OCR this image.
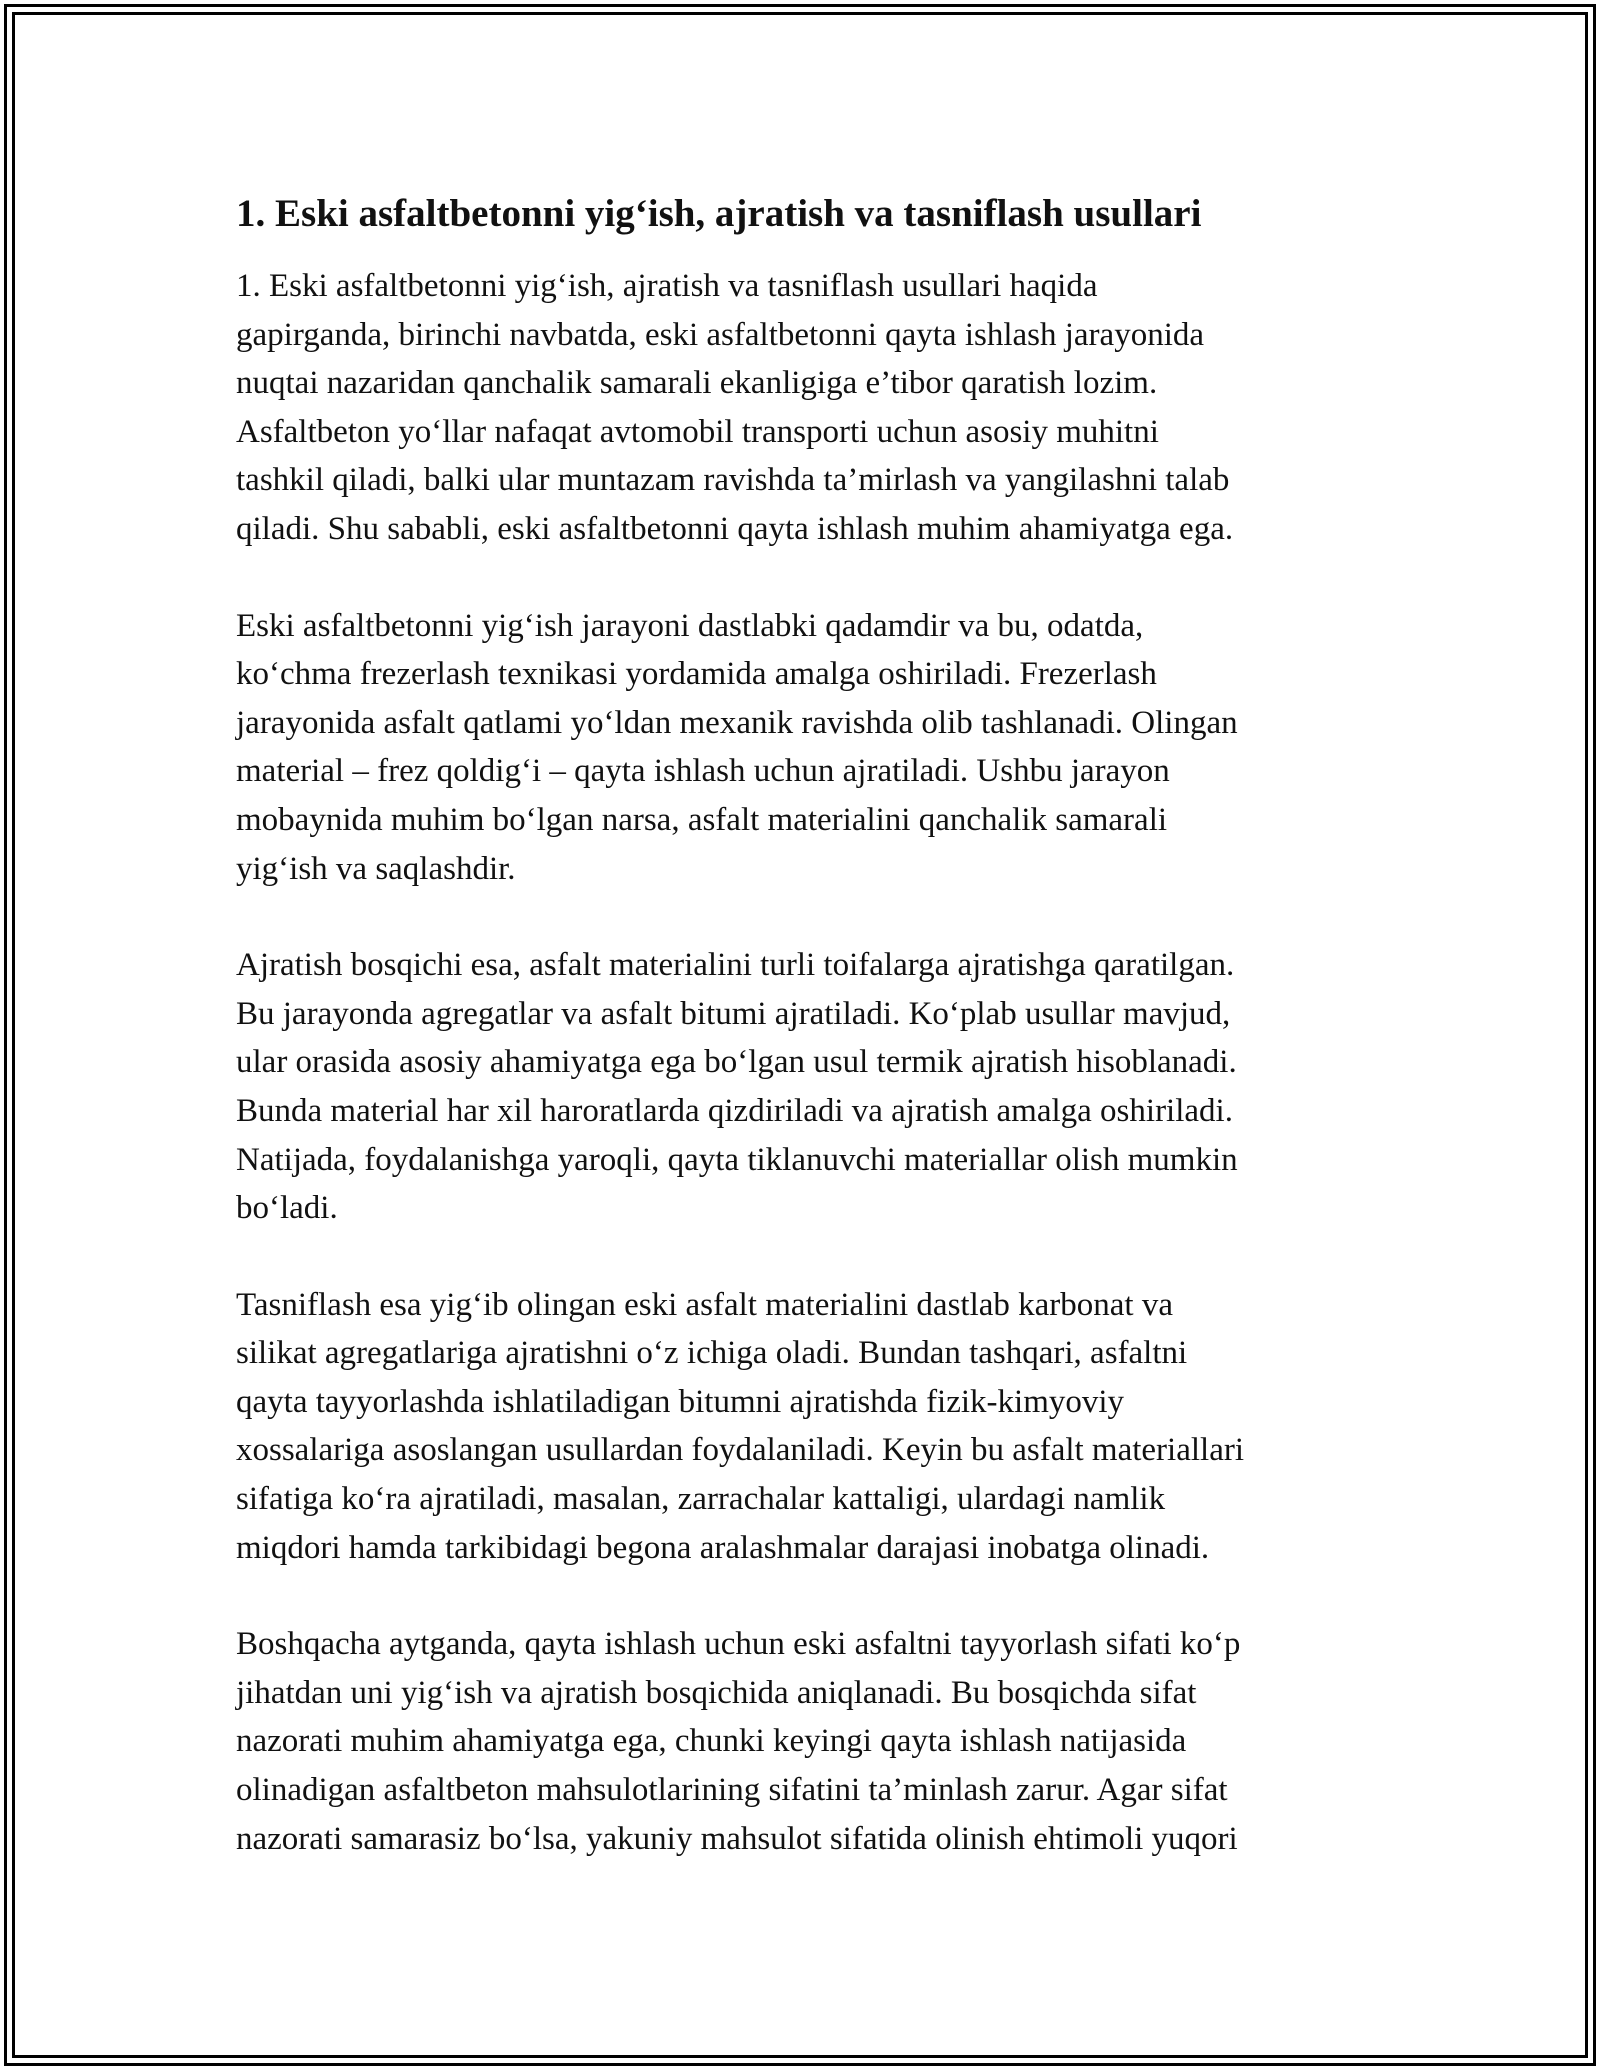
1. Eski asfaltbetonni yig‘ish, ajratish va tasniflash usullari

1. Eski asfaltbetonni yig‘ish, ajratish va tasniflash usullari haqida
gapirganda, birinchi navbatda, eski asfaltbetonni qayta ishlash jarayonida
nuqtai nazaridan qanchalik samarali ekanligiga e’tibor qaratish lozim.
Asfaltbeton yo‘llar nafaqat avtomobil transporti uchun asosiy muhitni
tashkil qiladi, balki ular muntazam ravishda ta’mirlash va yangilashni talab
qiladi. Shu sababli, eski asfaltbetonni qayta ishlash muhim ahamiyatga ega.

Eski asfaltbetonni yig‘ish jarayoni dastlabki qadamdir va bu, odatda,
ko‘chma frezerlash texnikasi yordamida amalga oshiriladi. Frezerlash
jarayonida asfalt qatlami yo‘ldan mexanik ravishda olib tashlanadi. Olingan
material – frez qoldig‘i – qayta ishlash uchun ajratiladi. Ushbu jarayon
mobaynida muhim bo‘lgan narsa, asfalt materialini qanchalik samarali
yig‘ish va saqlashdir.

Ajratish bosqichi esa, asfalt materialini turli toifalarga ajratishga qaratilgan.
Bu jarayonda agregatlar va asfalt bitumi ajratiladi. Ko‘plab usullar mavjud,
ular orasida asosiy ahamiyatga ega bo‘lgan usul termik ajratish hisoblanadi.
Bunda material har xil haroratlarda qizdiriladi va ajratish amalga oshiriladi.
Natijada, foydalanishga yaroqli, qayta tiklanuvchi materiallar olish mumkin
bo‘ladi.

Tasniflash esa yig‘ib olingan eski asfalt materialini dastlab karbonat va
silikat agregatlariga ajratishni o‘z ichiga oladi. Bundan tashqari, asfaltni
qayta tayyorlashda ishlatiladigan bitumni ajratishda fizik-kimyoviy
xossalariga asoslangan usullardan foydalaniladi. Keyin bu asfalt materiallari
sifatiga ko‘ra ajratiladi, masalan, zarrachalar kattaligi, ulardagi namlik
miqdori hamda tarkibidagi begona aralashmalar darajasi inobatga olinadi.

Boshqacha aytganda, qayta ishlash uchun eski asfaltni tayyorlash sifati ko‘p
jihatdan uni yig‘ish va ajratish bosqichida aniqlanadi. Bu bosqichda sifat
nazorati muhim ahamiyatga ega, chunki keyingi qayta ishlash natijasida
olinadigan asfaltbeton mahsulotlarining sifatini ta’minlash zarur. Agar sifat
nazorati samarasiz bo‘lsa, yakuniy mahsulot sifatida olinish ehtimoli yuqori
